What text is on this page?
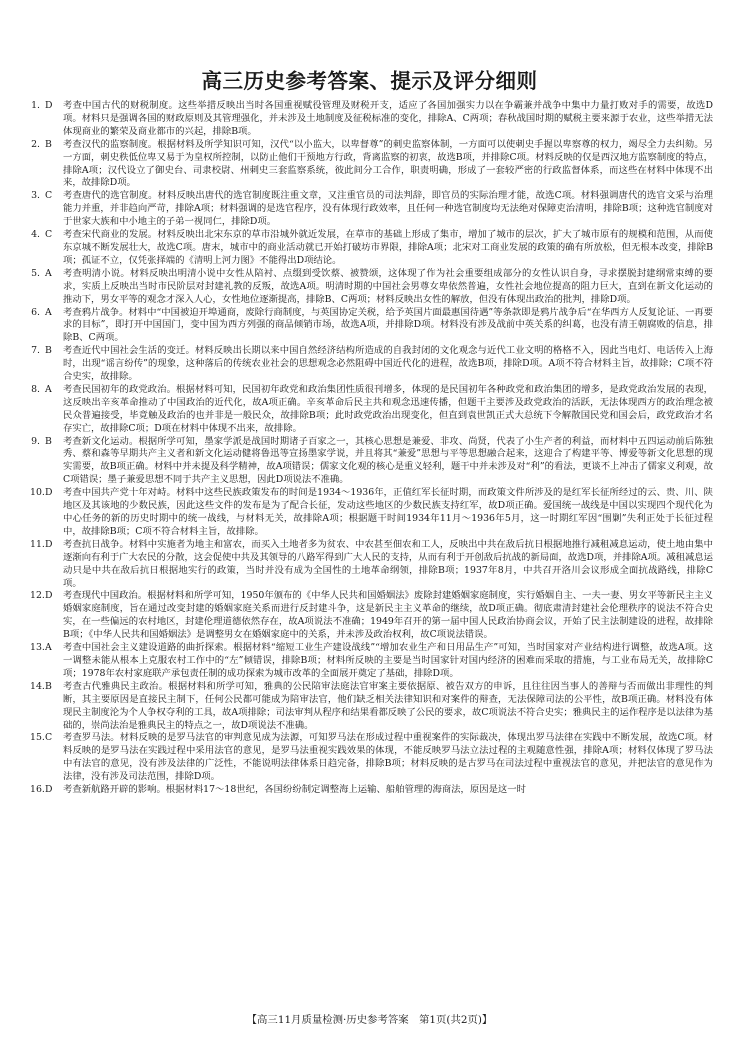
高三历史参考答案、提示及评分细则
1. D	考查中国古代的财税制度。这些举措反映出当时各国重视赋役管理及财税开支，适应了各国加强实力以在争霸兼并战争中集中力量打败对手的需要，故选D项。材料只是强调各国的财政原则及其管理强化，并未涉及土地制度及征税标准的变化，排除A、C两项；春秋战国时期的赋税主要来源于农业，这些举措无法体现商业的繁荣及商业都市的兴起，排除B项。
2. B	考查汉代的监察制度。根据材料及所学知识可知，汉代“以小监大，以卑督尊”的刺史监察体制，一方面可以使刺史手握以卑察尊的权力，竭尽全力去纠劾。另一方面，刺史秩低位卑又易于为皇权所控制，以防止他们干预地方行政，背离监察的初衷，故选B项，并排除C项。材料反映的仅是西汉地方监察制度的特点，排除A项；汉代设立了御史台、司隶校尉、州刺史三套监察系统，彼此间分工合作，职责明确，形成了一套较严密的行政监督体系，而这些在材料中体现不出来，故排除D项。
3. C	考查唐代的选官制度。材料反映出唐代的选官制度既注重文章，又注重官员的司法判辞，即官员的实际治理才能，故选C项。材料强调唐代的选官文采与治理能力并重，并非趋向严苛，排除A项；材料强调的是选官程序，没有体现行政效率，且任何一种选官制度均无法绝对保障吏治清明，排除B项；这种选官制度对于世家大族和中小地主的子弟一视同仁，排除D项。
4. C	考查宋代商业的发展。材料反映出北宋东京的草市沿城外就近发展，在草市的基础上形成了集市，增加了城市的层次，扩大了城市原有的规模和范围，从而使东京城不断发展壮大，故选C项。唐末，城市中的商业活动就已开始打破坊市界限，排除A项；北宋对工商业发展的政策的确有所放松，但无根本改变，排除B项；孤证不立，仅凭张择端的《清明上河力图》不能得出D项结论。
5. A	考查明清小说。材料反映出明清小说中女性从陪衬、点缀到受饮蔡、被赞颂，这体现了作为社会重要组成部分的女性认识自身，寻求摆脱封建纲常束缚的要求，实质上反映出当时市民阶层对封建礼教的反叛，故选A项。明清时期的中国社会男尊女卑依然普遍，女性社会地位提高的阻力巨大，直到在新文化运动的推动下，男女平等的观念才深入人心，女性地位逐渐提高，排除B、C两项；材料反映出女性的解放，但没有体现出政治的批判，排除D项。
6. A	考查鸦片战争。材料中“中国被迫开埠通商，废除行商制度，与英国协定关税，给予英国片面最惠国待遇”等条款即是鸦片战争后“在华西方人反复论证、一再要求的目标”，即打开中国国门，变中国为西方列强的商品倾销市场，故选A项，并排除D项。材料没有涉及战前中英关系的纠葛，也没有清王朝腐败的信息，排除B、C两项。
7. B	考查近代中国社会生活的变迁。材料反映出长期以来中国自然经济结构所造成的自我封闭的文化观念与近代工业文明的格格不入，因此当电灯、电话传入上海时，出现“谣言纷传”的现象，这种落后的传统农业社会的思想观念必然阻碍中国近代化的进程，故选B项，排除D项。A项不符合材料主旨，故排除；C项不符合史实，故排除。
8. A	考查民国初年的政党政治。根据材料可知，民国初年政党和政治集团性质很刊增多，体现的是民国初年各种政党和政治集团的增多，是政党政治发展的表现，这反映出辛亥革命推动了中国政治的近代化，故A项正确。辛亥革命后民主共和观念迅速传播，但题干主要涉及政党政治的活跃，无法体现西方的政治理念被民众普遍接受，毕竟触及政治的也并非是一般民众，故排除B项；此时政党政治出现变化，但直到袁世凯正式大总统下令解散国民党和国会后，政党政治才名存实亡，故排除C项；D项在材料中体现不出来，故排除。
9. B	考查新文化运动。根据所学可知，墨家学派是战国时期诸子百家之一，其核心思想是兼爱、非攻、尚贤，代表了小生产者的利益，而材料中五四运动前后陈独秀、蔡和森等早期共产主义者和新文化运动健将鲁迅等宣扬墨家学说，并且将其“兼爱”思想与平等思想融合起来，这迎合了构建平等、博爱等新文化思想的现实需要，故B项正确。材料中并未提及科学精神，故A项错误；儒家文化观的核心是重义轻利，题干中并未涉及对“利”的看法，更谈不上冲击了儒家义利观，故C项错误；墨子兼爱思想不同于共产主义思想，因此D项说法不准确。
10. D	考查中国共产党十年对峙。材料中这些民族政策发布的时间是1934～1936年，正值红军长征时期，而政策文件所涉及的是红军长征所经过的云、贵、川、陕地区及其该地的少数民族，因此这些文件的发布是为了配合长征，发动这些地区的少数民族支持红军，故D项正确。爱国统一战线是中国以实现四个现代化为中心任务的新的历史时期中的统一战线，与材料无关，故排除A项；根据题干时间1934年11月～1936年5月，这一时期红军因“围剿”失利正处于长征过程中，故排除B项；C项不符合材料主旨，故排除。
11. D	考查抗日战争。材料中实施者为地主和富农，而买入土地者多为贫农、中农甚至佃农和工人，反映出中共在敌后抗日根据地推行减租减息运动，使土地由集中逐渐向有利于广大农民的分散，这会促使中共及其领导的八路军得到广大人民的支持，从而有利于开创敌后抗战的新局面，故选D项，并排除A项。减租减息运动只是中共在敌后抗日根据地实行的政策，当时并没有成为全国性的土地革命纲领，排除B项；1937年8月，中共召开洛川会议形成全面抗战路线，排除C项。
12. D	考查现代中国政治。根据材料和所学可知，1950年颁布的《中华人民共和国婚姻法》废除封建婚姻家庭制度，实行婚姻自主、一夫一妻、男女平等新民主主义婚姻家庭制度，旨在通过改变封建的婚姻家庭关系而进行反封建斗争，这是新民主主义革命的继续，故D项正确。彻底肃清封建社会伦理秩序的说法不符合史实，在一些偏远的农村地区，封建伦理道德依然存在，故A项说法不准确；1949年召开的第一届中国人民政治协商会议，开始了民主法制建设的进程，故排除B项；《中华人民共和国婚姻法》是调整男女在婚姻家庭中的关系，并未涉及政治权利，故C项说法错误。
13. A	考查中国社会主义建设道路的曲折探索。根据材料“缩短工业生产建设战线”“增加农业生产和日用品生产”可知，当时国家对产业结构进行调整，故选A项。这一调整未能从根本上克服农村工作中的“左”倾错误，排除B项；材料所反映的主要是当时国家针对国内经济的困难而采取的措施，与工业布局无关，故排除C项；1978年农村家庭联产承包责任制的成功探索为城市改革的全面展开奠定了基础，排除D项。
14. B	考查古代雅典民主政治。根据材料和所学可知，雅典的公民陪审法庭法官审案主要依据原、被告双方的申诉，且往往因当事人的善辩与否而做出非理性的判断，其主要原因是直接民主制下，任何公民都可能成为陪审法官，他们缺乏相关法律知识和对案件的辩查，无法保障司法的公平性，故B项正确。材料没有体现民主制度沦为个人争权夺利的工具，故A项排除；司法审判从程序和结果看都反映了公民的要求，故C项说法不符合史实；雅典民主的运作程序是以法律为基础的，崇尚法治是雅典民主的特点之一，故D项说法不准确。
15. C	考查罗马法。材料反映的是罗马法官的审判意见成为法源，可知罗马法在形成过程中重视案件的实际裁决，体现出罗马法律在实践中不断发展，故选C项。材料反映的是罗马法在实践过程中采用法官的意见，是罗马法重视实践效果的体现，不能反映罗马法立法过程的主观随意性强，排除A项；材料仅体现了罗马法中有法官的意见，没有涉及法律的广泛性，不能说明法律体系日趋完备，排除B项；材料反映的是古罗马在司法过程中重视法官的意见，并把法官的意见作为法律，没有涉及司法范围，排除D项。
16. D	考查新航路开辟的影响。根据材料17～18世纪，各国纷纷制定调整海上运输、船舶管理的海商法，原因是这一时
【高三11月质量检测·历史参考答案　第1页(共2页)】
